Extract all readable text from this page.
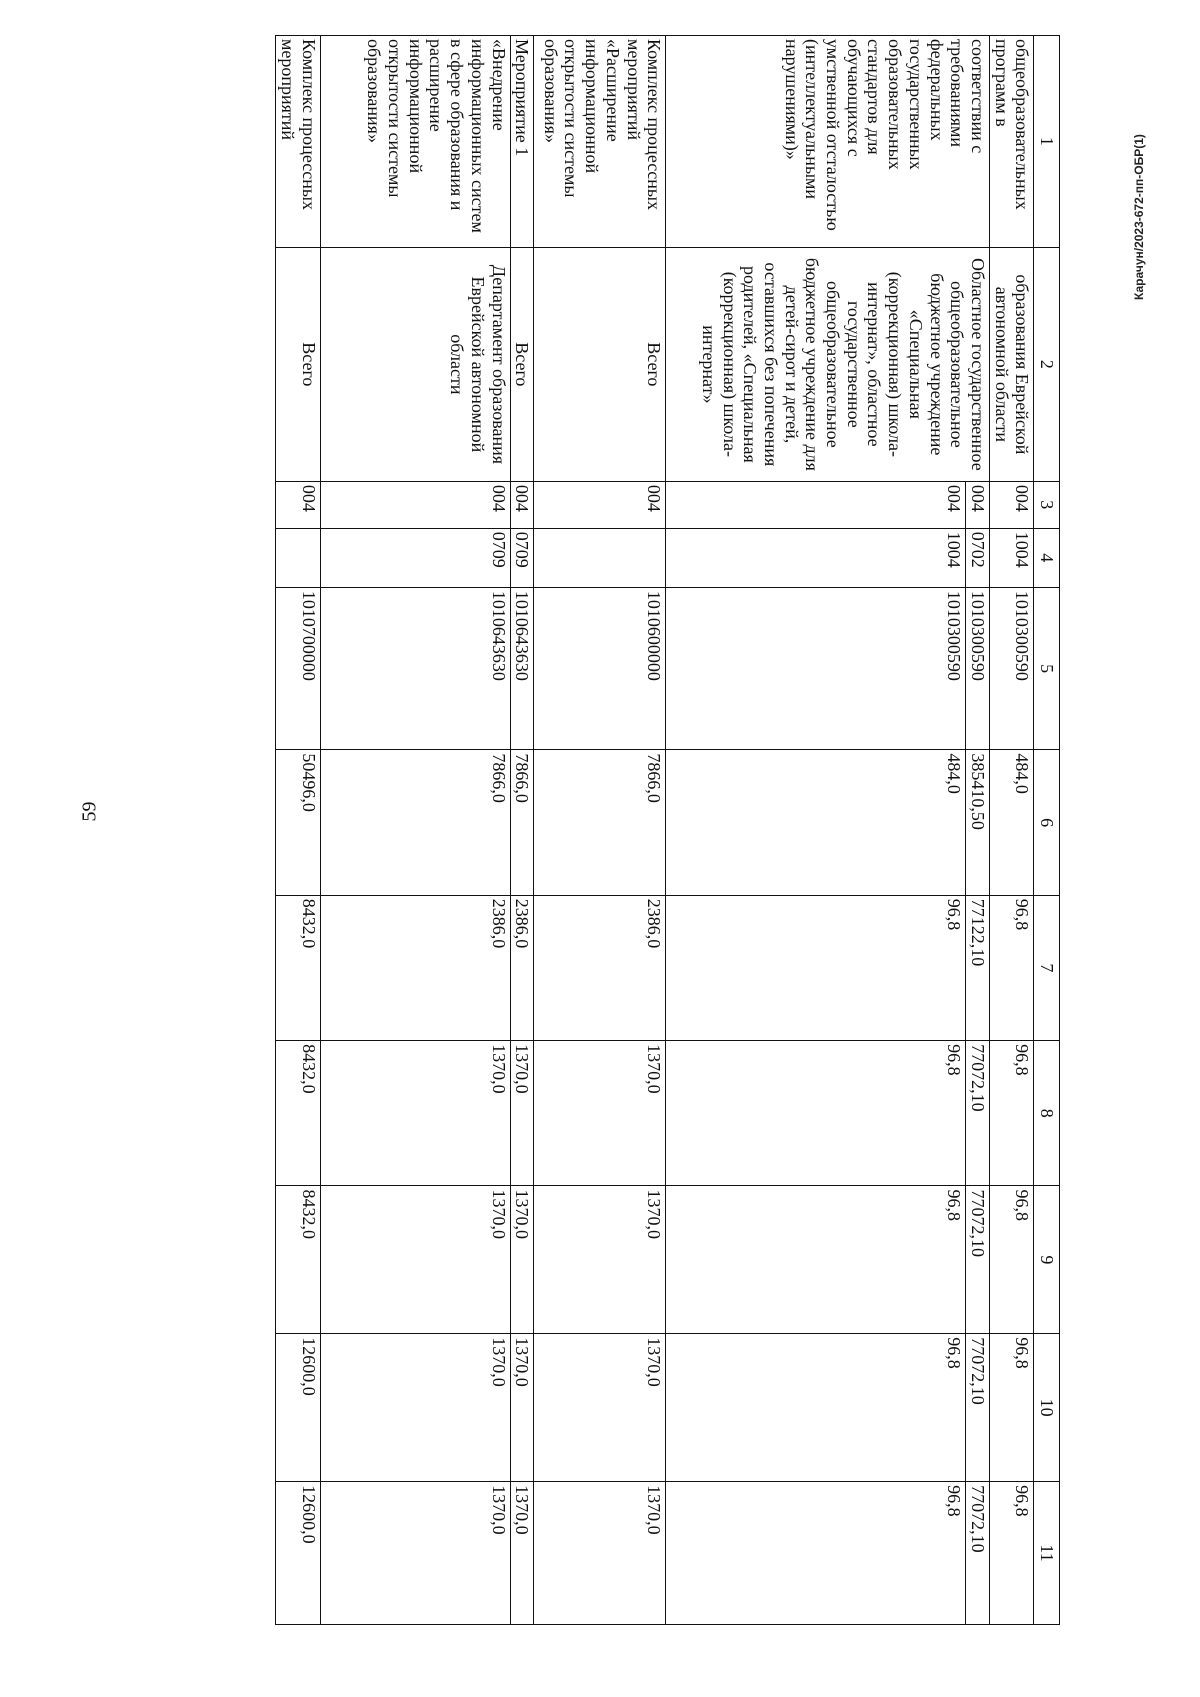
59
Карачун/2023-672-пп-ОБР(1)
1	2	3	4	5	6	7	8	9	10	11
общеобразовательных программ в	образования Еврейской автономной области	004	1004	1010300590	484,0	96,8	96,8	96,8	96,8	96,8
соответствии с требованиями федеральных государственных образовательных стандартов для обучающихся с умственной отсталостью (интеллектуальными нарушениями)»	Областное государственное общеобразовательное бюджетное учреждение «Специальная (коррекционная) школа-интернат», областное государственное общеобразовательное бюджетное учреждение для детей-сирот и детей, оставшихся без попечения родителей, «Специальная (коррекционная) школа-интернат»	004	0702	1010300590	385410,50	77122,10	77072,10	77072,10	77072,10	77072,10
		004	1004	1010300590	484,0	96,8	96,8	96,8	96,8	96,8
Комплекс процессных мероприятий «Расширение информационной открытости системы образования»	Всего	004		1010600000	7866,0	2386,0	1370,0	1370,0	1370,0	1370,0
Мероприятие 1	Всего	004	0709	1010643630	7866,0	2386,0	1370,0	1370,0	1370,0	1370,0
«Внедрение информационных систем в сфере образования и расширение информационной открытости системы образования»	Департамент образования Еврейской автономной области	004	0709	1010643630	7866,0	2386,0	1370,0	1370,0	1370,0	1370,0
Комплекс процессных мероприятий	Всего	004		1010700000	50496,0	8432,0	8432,0	8432,0	12600,0	12600,0
